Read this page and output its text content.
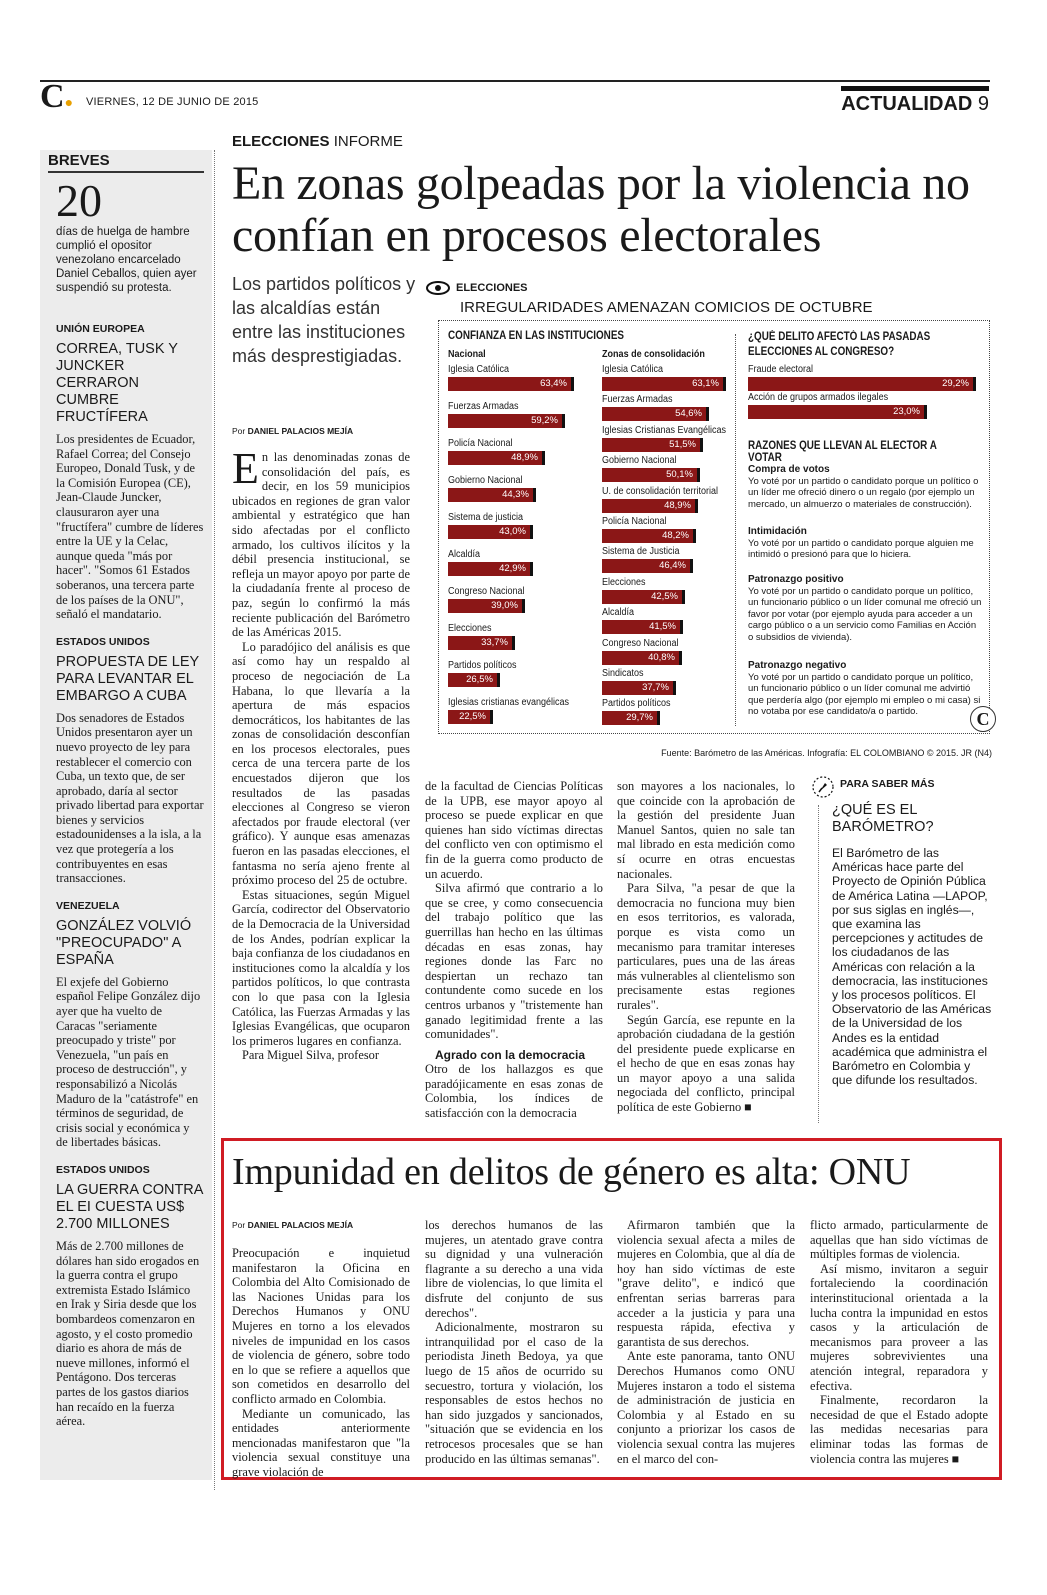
C● VIERNES, 12 DE JUNIO DE 2015	ACTUALIDAD 9
BREVES
20
días de huelga de hambre cumplió el opositor venezolano encarcelado Daniel Ceballos, quien ayer suspendió su protesta.
UNIÓN EUROPEA
CORREA, TUSK Y JUNCKER CERRARON CUMBRE FRUCTÍFERA
Los presidentes de Ecuador, Rafael Correa; del Consejo Europeo, Donald Tusk, y de la Comisión Europea (CE), Jean-Claude Juncker, clausuraron ayer una "fructífera" cumbre de líderes entre la UE y la Celac, aunque queda "más por hacer". "Somos 61 Estados soberanos, una tercera parte de los países de la ONU", señaló el mandatario.
ESTADOS UNIDOS
PROPUESTA DE LEY PARA LEVANTAR EL EMBARGO A CUBA
Dos senadores de Estados Unidos presentaron ayer un nuevo proyecto de ley para restablecer el comercio con Cuba, un texto que, de ser aprobado, daría al sector privado libertad para exportar bienes y servicios estadounidenses a la isla, a la vez que protegería a los contribuyentes en esas transacciones.
VENEZUELA
GONZÁLEZ VOLVIÓ "PREOCUPADO" A ESPAÑA
El exjefe del Gobierno español Felipe González dijo ayer que ha vuelto de Caracas "seriamente preocupado y triste" por Venezuela, "un país en proceso de destrucción", y responsabilizó a Nicolás Maduro de la "catástrofe" en términos de seguridad, de crisis social y económica y de libertades básicas.
ESTADOS UNIDOS
LA GUERRA CONTRA EL EI CUESTA US$ 2.700 MILLONES
Más de 2.700 millones de dólares han sido erogados en la guerra contra el grupo extremista Estado Islámico en Irak y Siria desde que los bombardeos comenzaron en agosto, y el costo promedio diario es ahora de más de nueve millones, informó el Pentágono. Dos terceras partes de los gastos diarios han recaído en la fuerza aérea.
ELECCIONES INFORME
En zonas golpeadas por la violencia no confían en procesos electorales
Los partidos políticos y las alcaldías están entre las instituciones más desprestigiadas.
Por DANIEL PALACIOS MEJÍA

En las denominadas zonas de consolidación del país, es decir, en los 59 municipios ubicados en regiones de gran valor ambiental y estratégico que han sido afectadas por el conflicto armado, los cultivos ilícitos y la débil presencia institucional, se refleja un mayor apoyo por parte de la ciudadanía frente al proceso de paz, según lo confirmó la más reciente publicación del Barómetro de las Américas 2015.

Lo paradójico del análisis es que así como hay un respaldo al proceso de negociación de La Habana, lo que llevaría a la apertura de más espacios democráticos, los habitantes de las zonas de consolidación desconfían en los procesos electorales, pues cerca de una tercera parte de los encuestados dijeron que los resultados de las pasadas elecciones al Congreso se vieron afectados por fraude electoral (ver gráfico). Y aunque esas amenazas fueron en las pasadas elecciones, el fantasma no sería ajeno frente al próximo proceso del 25 de octubre.

Estas situaciones, según Miguel García, codirector del Observatorio de la Democracia de la Universidad de los Andes, podrían explicar la baja confianza de los ciudadanos en instituciones como la alcaldía y los partidos políticos, lo que contrasta con lo que pasa con la Iglesia Católica, las Fuerzas Armadas y las Iglesias Evangélicas, que ocuparon los primeros lugares en confianza.

Para Miguel Silva, profesor

de la facultad de Ciencias Políticas de la UPB, ese mayor apoyo al proceso se puede explicar en que quienes han sido víctimas directas del conflicto ven con optimismo el fin de la guerra como producto de un acuerdo.

Silva afirmó que contrario a lo que se cree, y como consecuencia del trabajo político que las guerrillas han hecho en las últimas décadas en esas zonas, hay regiones donde las Farc no despiertan un rechazo tan contundente como sucede en los centros urbanos y "tristemente han ganado legitimidad frente a las comunidades".

Agrado con la democracia

Otro de los hallazgos es que paradójicamente en esas zonas de Colombia, los índices de satisfacción con la democracia

son mayores a los nacionales, lo que coincide con la aprobación de la gestión del presidente Juan Manuel Santos, quien no sale tan mal librado en esta medición como sí ocurre en otras encuestas nacionales.

Para Silva, "a pesar de que la democracia no funciona muy bien en esos territorios, es valorada, porque es vista como un mecanismo para tramitar intereses particulares, pues una de las áreas más vulnerables al clientelismo son precisamente estas regiones rurales".

Según García, ese repunte en la aprobación ciudadana de la gestión del presidente puede explicarse en el hecho de que en esas zonas hay un mayor apoyo a una salida negociada del conflicto, principal política de este Gobierno ■

ELECCIONES
IRREGULARIDADES AMENAZAN COMICIOS DE OCTUBRE
CONFIANZA EN LAS INSTITUCIONES
Nacional	Zonas de consolidación
¿QUÉ DELITO AFECTÓ LAS PASADAS ELECCIONES AL CONGRESO?
RAZONES QUE LLEVAN AL ELECTOR A VOTAR
Compra de votos
Yo voté por un partido o candidato porque un político o un líder me ofreció dinero o un regalo (por ejemplo un mercado, un almuerzo o materiales de construcción).
Intimidación
Yo voté por un partido o candidato porque alguien me intimidó o presionó para que lo hiciera.
Patronazgo positivo
Yo voté por un partido o candidato porque un político, un funcionario público o un líder comunal me ofreció un favor por votar (por ejemplo ayuda para acceder a un cargo público o a un servicio como Familias en Acción o subsidios de vivienda).
Patronazgo negativo
Yo voté por un partido o candidato porque un político, un funcionario público o un líder comunal me advirtió que perdería algo (por ejemplo mi empleo o mi casa) si no votaba por ese candidato/a o partido.	C
Fuente: Barómetro de las Américas. Infografía: EL COLOMBIANO © 2015. JR (N4)
Iglesia Católica
63,4%
Fuerzas Armadas
59,2%
Policía Nacional
48,9%
Gobierno Nacional
44,3%
Sistema de justicia
43,0%
Alcaldía
42,9%
Congreso Nacional
39,0%
Elecciones
33,7%
Partidos políticos
26,5%
Iglesias cristianas evangélicas
22,5%
Iglesia Católica
63,1%
Fuerzas Armadas
54,6%
Iglesias Cristianas Evangélicas
51,5%
Gobierno Nacional
50,1%
U. de consolidación territorial
48,9%
Policía Nacional
48,2%
Sistema de Justicia
46,4%
Elecciones
42,5%
Alcaldía
41,5%
Congreso Nacional
40,8%
Sindicatos
37,7%
Partidos políticos
29,7%
Fraude electoral
29,2%
Acción de grupos armados ilegales
23,0%
PARA SABER MÁS
¿QUÉ ES EL BARÓMETRO?
El Barómetro de las Américas hace parte del Proyecto de Opinión Pública de América Latina —LAPOP, por sus siglas en inglés—, que examina las percepciones y actitudes de los ciudadanos de las Américas con relación a la democracia, las instituciones y los procesos políticos. El Observatorio de las Américas de la Universidad de los Andes es la entidad académica que administra el Barómetro en Colombia y que difunde los resultados.
Impunidad en delitos de género es alta: ONU
Por DANIEL PALACIOS MEJÍA

Preocupación e inquietud manifestaron la Oficina en Colombia del Alto Comisionado de las Naciones Unidas para los Derechos Humanos y ONU Mujeres en torno a los elevados niveles de impunidad en los casos de violencia de género, sobre todo en lo que se refiere a aquellos que son cometidos en desarrollo del conflicto armado en Colombia.

Mediante un comunicado, las entidades anteriormente mencionadas manifestaron que "la violencia sexual constituye una grave violación de

los derechos humanos de las mujeres, un atentado grave contra su dignidad y una vulneración flagrante a su derecho a una vida libre de violencias, lo que limita el disfrute del conjunto de sus derechos".

Adicionalmente, mostraron su intranquilidad por el caso de la periodista Jineth Bedoya, ya que luego de 15 años de ocurrido su secuestro, tortura y violación, los responsables de estos hechos no han sido juzgados y sancionados, "situación que se evidencia en los retrocesos procesales que se han producido en las últimas semanas".

Afirmaron también que la violencia sexual afecta a miles de mujeres en Colombia, que al día de hoy han sido víctimas de este "grave delito", e indicó que enfrentan serias barreras para acceder a la justicia y para una respuesta rápida, efectiva y garantista de sus derechos.

Ante este panorama, tanto ONU Derechos Humanos como ONU Mujeres instaron a todo el sistema de administración de justicia en Colombia y al Estado en su conjunto a priorizar los casos de violencia sexual contra las mujeres en el marco del con-

flicto armado, particularmente de aquellas que han sido víctimas de múltiples formas de violencia.

Así mismo, invitaron a seguir fortaleciendo la coordinación interinstitucional orientada a la lucha contra la impunidad en estos casos y la articulación de mecanismos para proveer a las mujeres sobrevivientes una atención integral, reparadora y efectiva.

Finalmente, recordaron la necesidad de que el Estado adopte las medidas necesarias para eliminar todas las formas de violencia contra las mujeres ■
